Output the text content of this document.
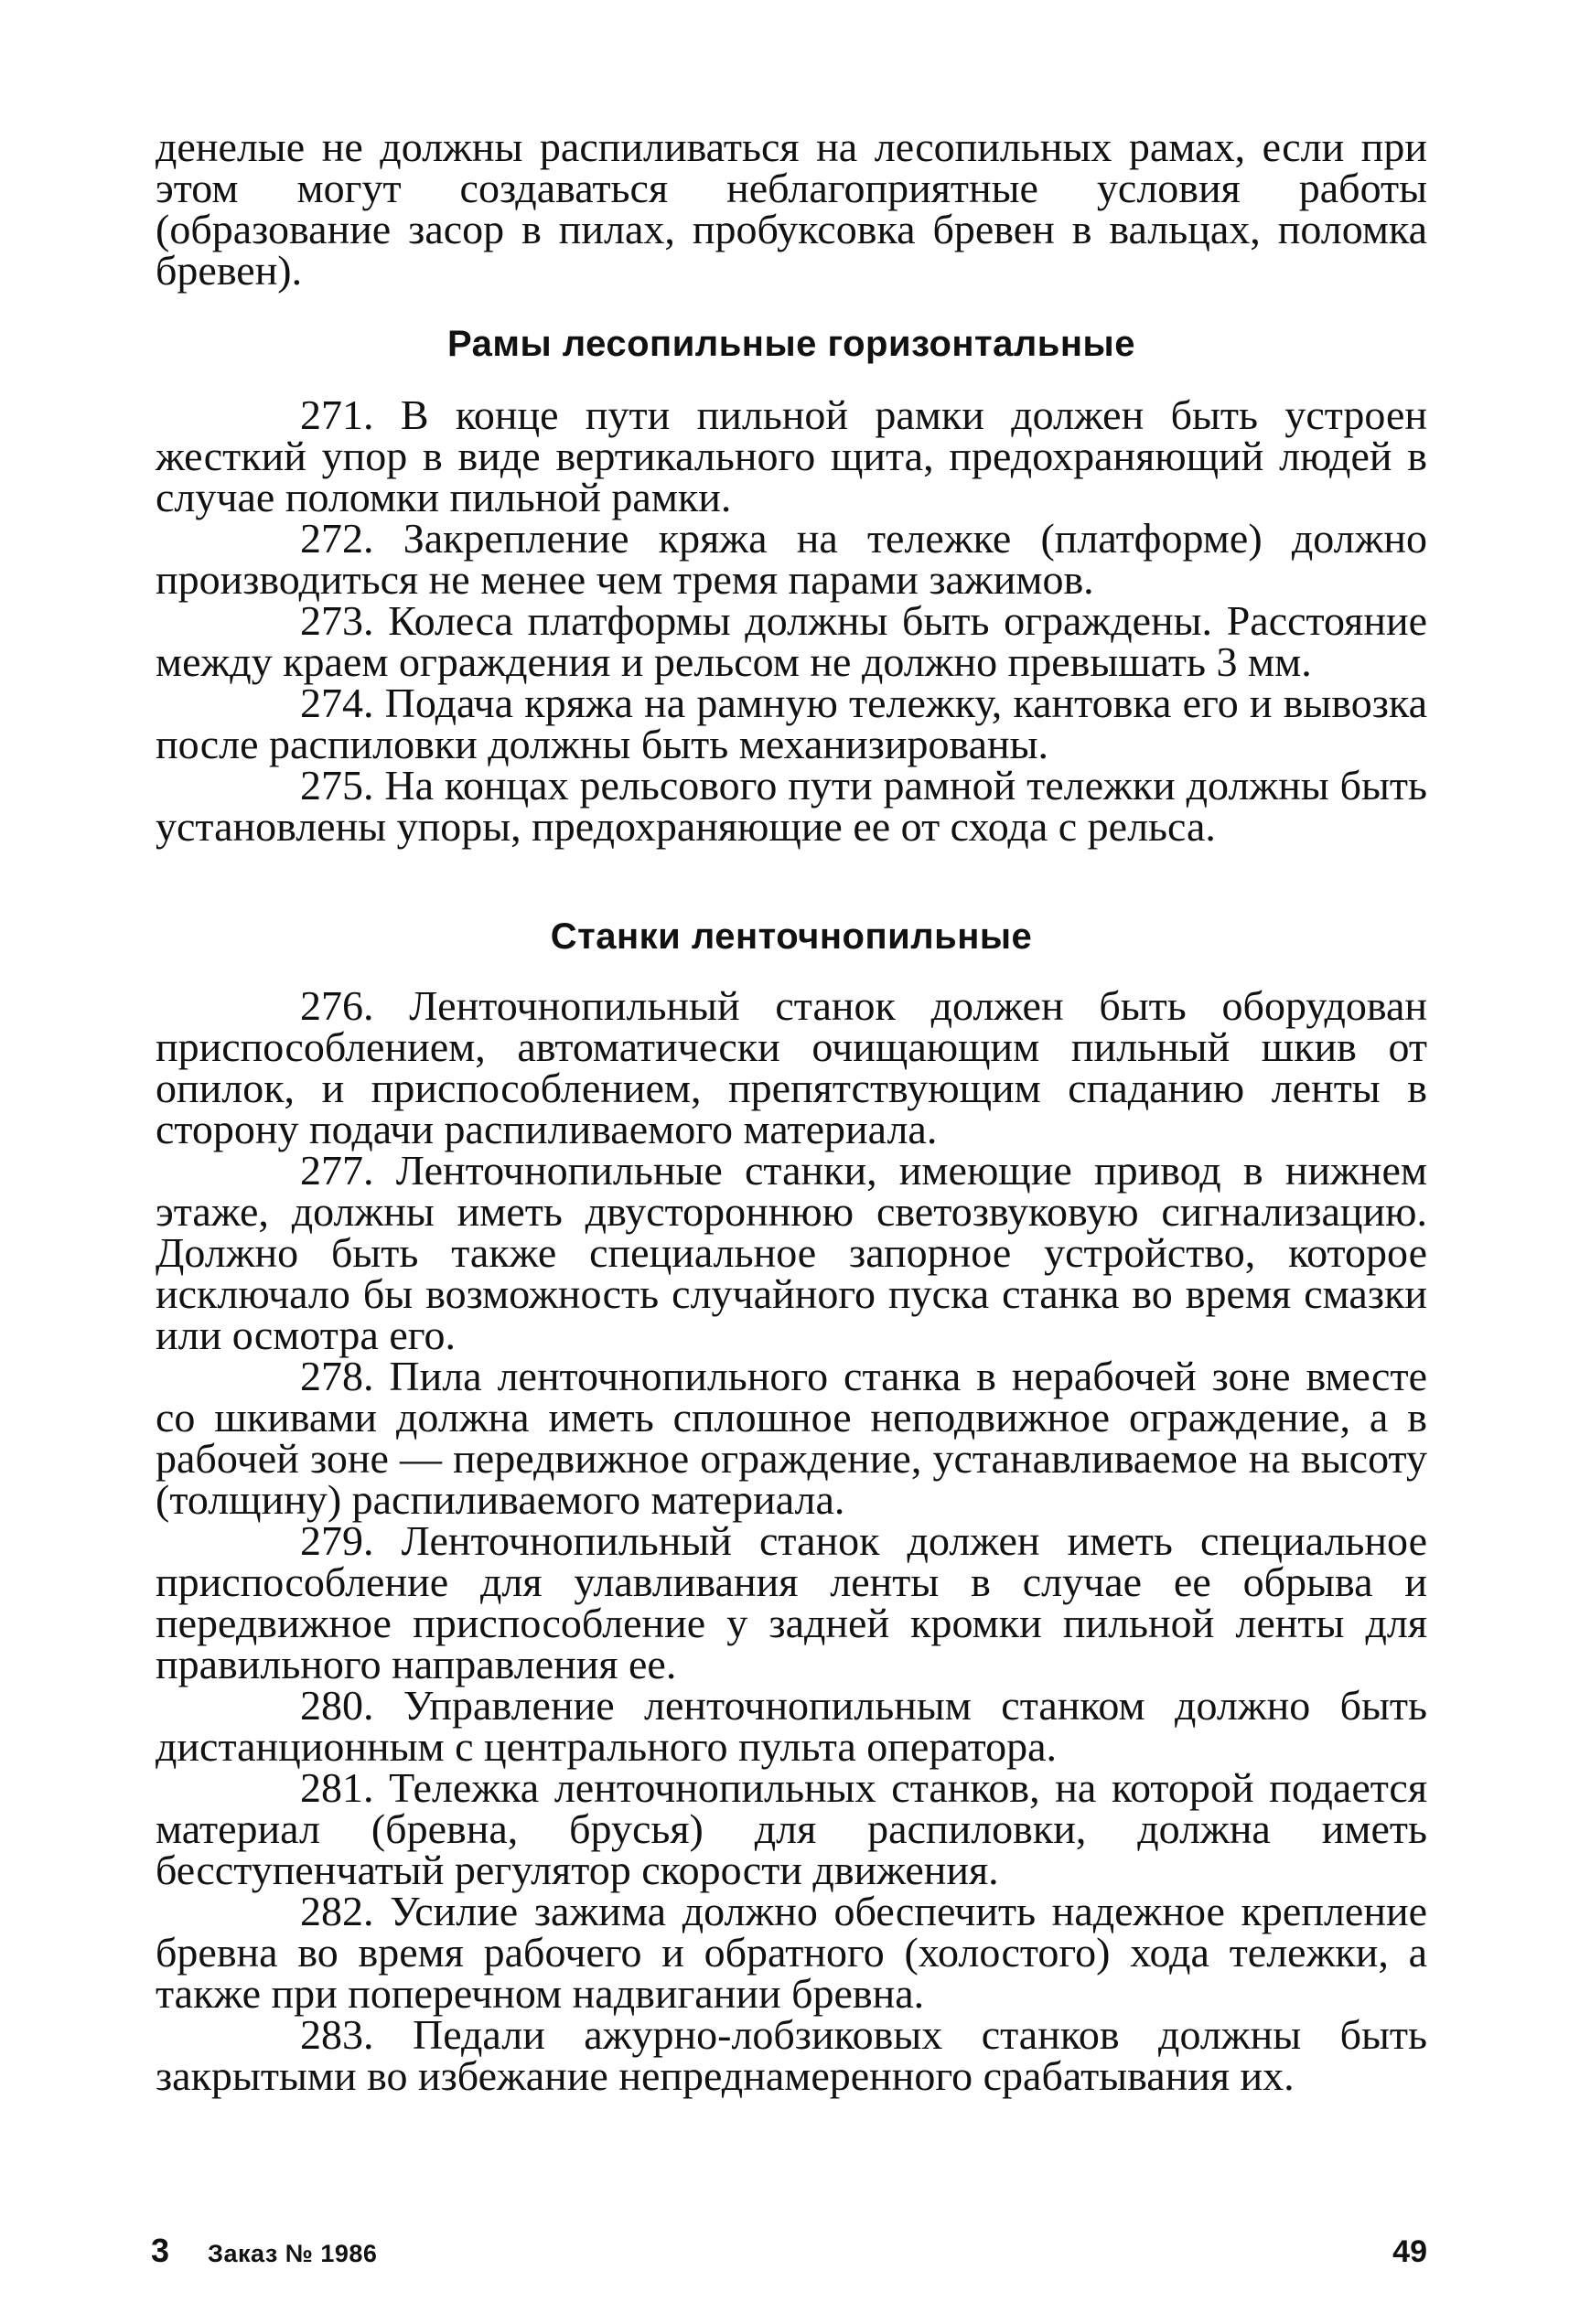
денелые не должны распиливаться на лесопильных рамах, если при этом могут создаваться неблагоприятные условия работы (образование засор в пилах, пробуксовка бревен в вальцах, поломка бревен).

Рамы лесопильные горизонтальные

271. В конце пути пильной рамки должен быть устроен жесткий упор в виде вертикального щита, предохраняющий людей в случае поломки пильной рамки.

272. Закрепление кряжа на тележке (платформе) должно производиться не менее чем тремя парами зажимов.

273. Колеса платформы должны быть ограждены. Расстояние между краем ограждения и рельсом не должно превышать 3 мм.

274. Подача кряжа на рамную тележку, кантовка его и вывозка после распиловки должны быть механизированы.

275. На концах рельсового пути рамной тележки должны быть установлены упоры, предохраняющие ее от схода с рельса.

Станки ленточнопильные

276. Ленточнопильный станок должен быть оборудован приспособлением, автоматически очищающим пильный шкив от опилок, и приспособлением, препятствующим спаданию ленты в сторону подачи распиливаемого материала.

277. Ленточнопильные станки, имеющие привод в нижнем этаже, должны иметь двустороннюю светозвуковую сигнализацию. Должно быть также специальное запорное устройство, которое исключало бы возможность случайного пуска станка во время смазки или осмотра его.

278. Пила ленточнопильного станка в нерабочей зоне вместе со шкивами должна иметь сплошное неподвижное ограждение, а в рабочей зоне — передвижное ограждение, устанавливаемое на высоту (толщину) распиливаемого материала.

279. Ленточнопильный станок должен иметь специальное приспособление для улавливания ленты в случае ее обрыва и передвижное приспособление у задней кромки пильной ленты для правильного направления ее.

280. Управление ленточнопильным станком должно быть дистанционным с центрального пульта оператора.

281. Тележка ленточнопильных станков, на которой подается материал (бревна, брусья) для распиловки, должна иметь бесступенчатый регулятор скорости движения.

282. Усилие зажима должно обеспечить надежное крепление бревна во время рабочего и обратного (холостого) хода тележки, а также при поперечном надвигании бревна.

283. Педали ажурно-лобзиковых станков должны быть закрытыми во избежание непреднамеренного срабатывания их.

3 Заказ № 1986	49
